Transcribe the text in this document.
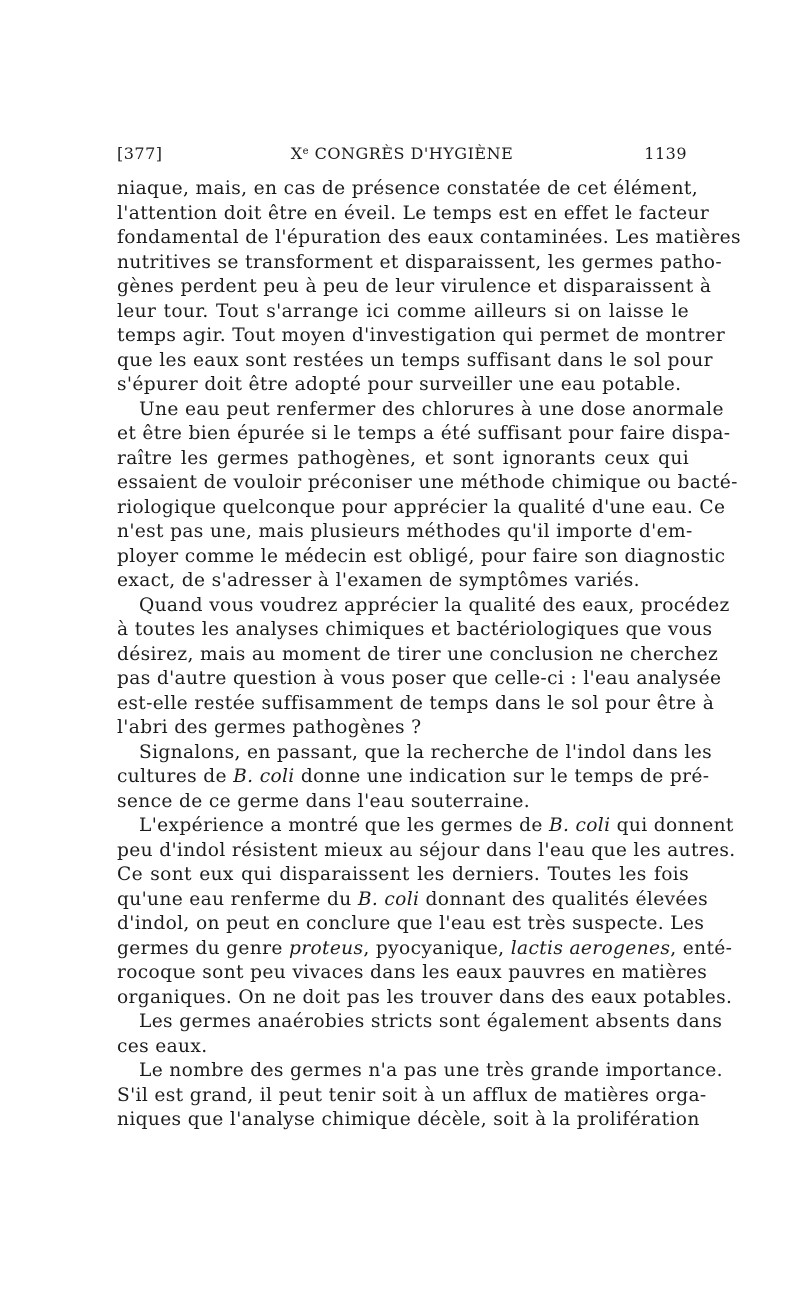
[377]	Xe CONGRÈS D'HYGIÈNE	1139
niaque, mais, en cas de présence constatée de cet élément,
l'attention doit être en éveil. Le temps est en effet le facteur
fondamental de l'épuration des eaux contaminées. Les matières
nutritives se transforment et disparaissent, les germes patho-
gènes perdent peu à peu de leur virulence et disparaissent à
leur tour. Tout s'arrange ici comme ailleurs si on laisse le
temps agir. Tout moyen d'investigation qui permet de montrer
que les eaux sont restées un temps suffisant dans le sol pour
s'épurer doit être adopté pour surveiller une eau potable.
Une eau peut renfermer des chlorures à une dose anormale
et être bien épurée si le temps a été suffisant pour faire dispa-
raître les germes pathogènes, et sont ignorants ceux qui
essaient de vouloir préconiser une méthode chimique ou bacté-
riologique quelconque pour apprécier la qualité d'une eau. Ce
n'est pas une, mais plusieurs méthodes qu'il importe d'em-
ployer comme le médecin est obligé, pour faire son diagnostic
exact, de s'adresser à l'examen de symptômes variés.
Quand vous voudrez apprécier la qualité des eaux, procédez
à toutes les analyses chimiques et bactériologiques que vous
désirez, mais au moment de tirer une conclusion ne cherchez
pas d'autre question à vous poser que celle-ci : l'eau analysée
est-elle restée suffisamment de temps dans le sol pour être à
l'abri des germes pathogènes ?
Signalons, en passant, que la recherche de l'indol dans les
cultures de B. coli donne une indication sur le temps de pré-
sence de ce germe dans l'eau souterraine.
L'expérience a montré que les germes de B. coli qui donnent
peu d'indol résistent mieux au séjour dans l'eau que les autres.
Ce sont eux qui disparaissent les derniers. Toutes les fois
qu'une eau renferme du B. coli donnant des qualités élevées
d'indol, on peut en conclure que l'eau est très suspecte. Les
germes du genre proteus, pyocyanique, lactis aerogenes, enté-
rocoque sont peu vivaces dans les eaux pauvres en matières
organiques. On ne doit pas les trouver dans des eaux potables.
Les germes anaérobies stricts sont également absents dans
ces eaux.
Le nombre des germes n'a pas une très grande importance.
S'il est grand, il peut tenir soit à un afflux de matières orga-
niques que l'analyse chimique décèle, soit à la prolifération
